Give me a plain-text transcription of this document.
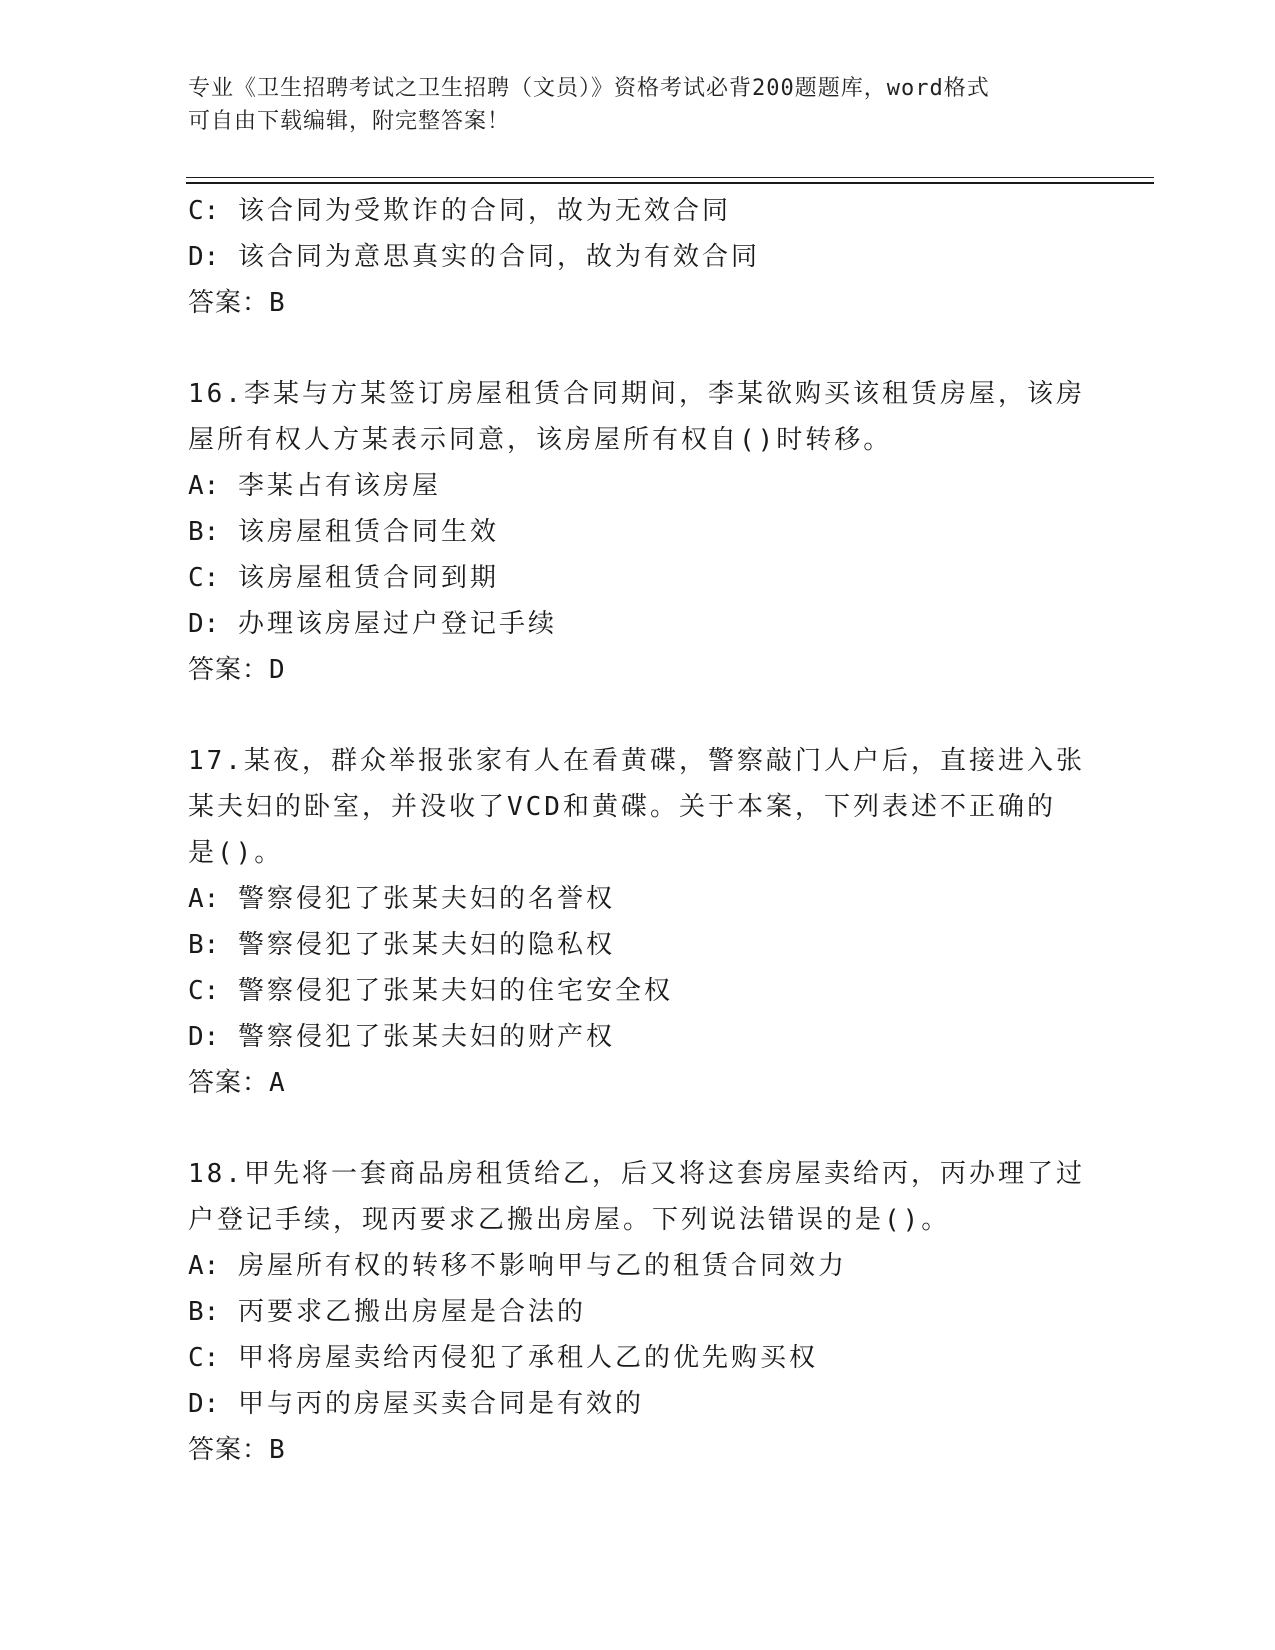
专业《卫生招聘考试之卫生招聘（文员）》资格考试必背200题题库，word格式
可自由下载编辑，附完整答案！
C: 该合同为受欺诈的合同，故为无效合同
D: 该合同为意思真实的合同，故为有效合同
答案：B
16.李某与方某签订房屋租赁合同期间，李某欲购买该租赁房屋，该房
屋所有权人方某表示同意，该房屋所有权自()时转移。
A: 李某占有该房屋
B: 该房屋租赁合同生效
C: 该房屋租赁合同到期
D: 办理该房屋过户登记手续
答案：D
17.某夜，群众举报张家有人在看黄碟，警察敲门人户后，直接进入张
某夫妇的卧室，并没收了VCD和黄碟。关于本案，下列表述不正确的
是()。
A: 警察侵犯了张某夫妇的名誉权
B: 警察侵犯了张某夫妇的隐私权
C: 警察侵犯了张某夫妇的住宅安全权
D: 警察侵犯了张某夫妇的财产权
答案：A
18.甲先将一套商品房租赁给乙，后又将这套房屋卖给丙，丙办理了过
户登记手续，现丙要求乙搬出房屋。下列说法错误的是()。
A: 房屋所有权的转移不影响甲与乙的租赁合同效力
B: 丙要求乙搬出房屋是合法的
C: 甲将房屋卖给丙侵犯了承租人乙的优先购买权
D: 甲与丙的房屋买卖合同是有效的
答案：B
